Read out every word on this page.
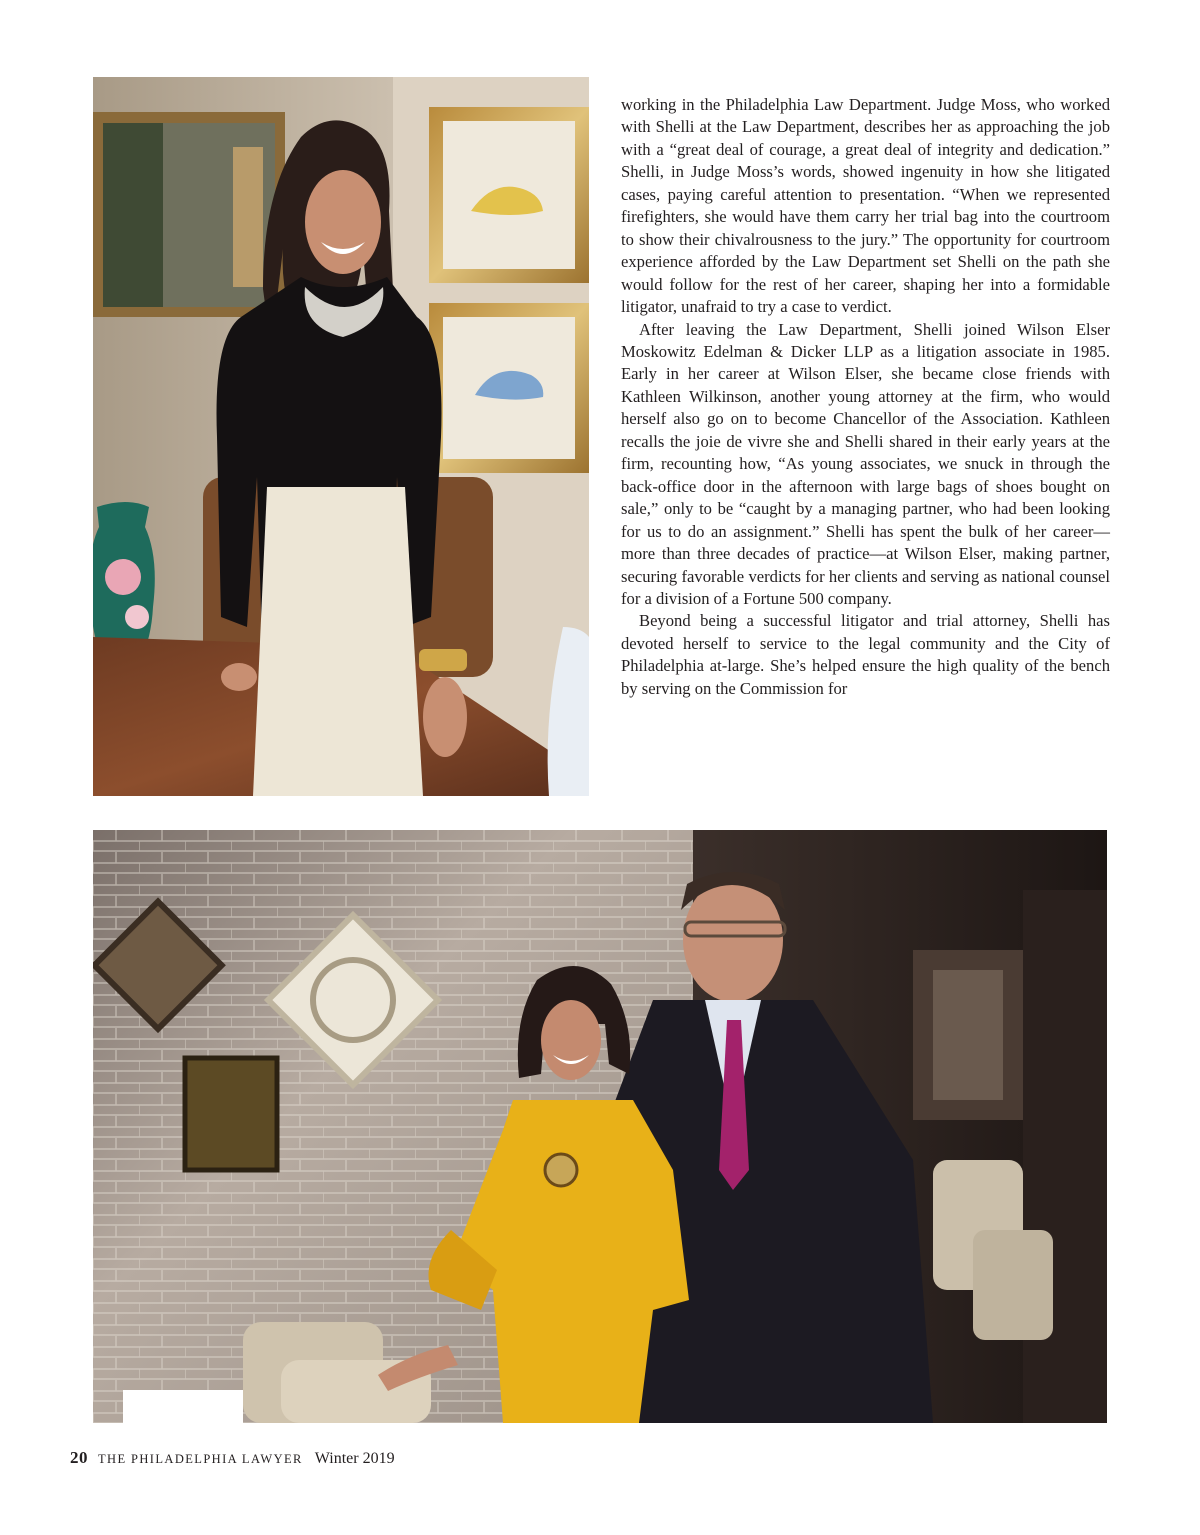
working in the Philadelphia Law Department. Judge Moss, who worked with Shelli at the Law Department, describes her as approaching the job with a “great deal of courage, a great deal of integrity and dedication.” Shelli, in Judge Moss’s words, showed ingenuity in how she litigated cases, paying careful attention to presentation. “When we represented firefighters, she would have them carry her trial bag into the courtroom to show their chivalrousness to the jury.” The opportunity for courtroom experience afforded by the Law Department set Shelli on the path she would follow for the rest of her career, shaping her into a formidable litigator, unafraid to try a case to verdict.

After leaving the Law Department, Shelli joined Wilson Elser Moskowitz Edelman & Dicker LLP as a litigation associate in 1985. Early in her career at Wilson Elser, she became close friends with Kathleen Wilkinson, another young attorney at the firm, who would herself also go on to become Chancellor of the Association. Kathleen recalls the joie de vivre she and Shelli shared in their early years at the firm, recounting how, “As young associates, we snuck in through the back-office door in the afternoon with large bags of shoes bought on sale,” only to be “caught by a managing partner, who had been looking for us to do an assignment.” Shelli has spent the bulk of her career—more than three decades of practice—at Wilson Elser, making partner, securing favorable verdicts for her clients and serving as national counsel for a division of a Fortune 500 company.

Beyond being a successful litigator and trial attorney, Shelli has devoted herself to service to the legal community and the City of Philadelphia at-large. She’s helped ensure the high quality of the bench by serving on the Commission for

20 THE PHILADELPHIA LAWYER Winter 2019
